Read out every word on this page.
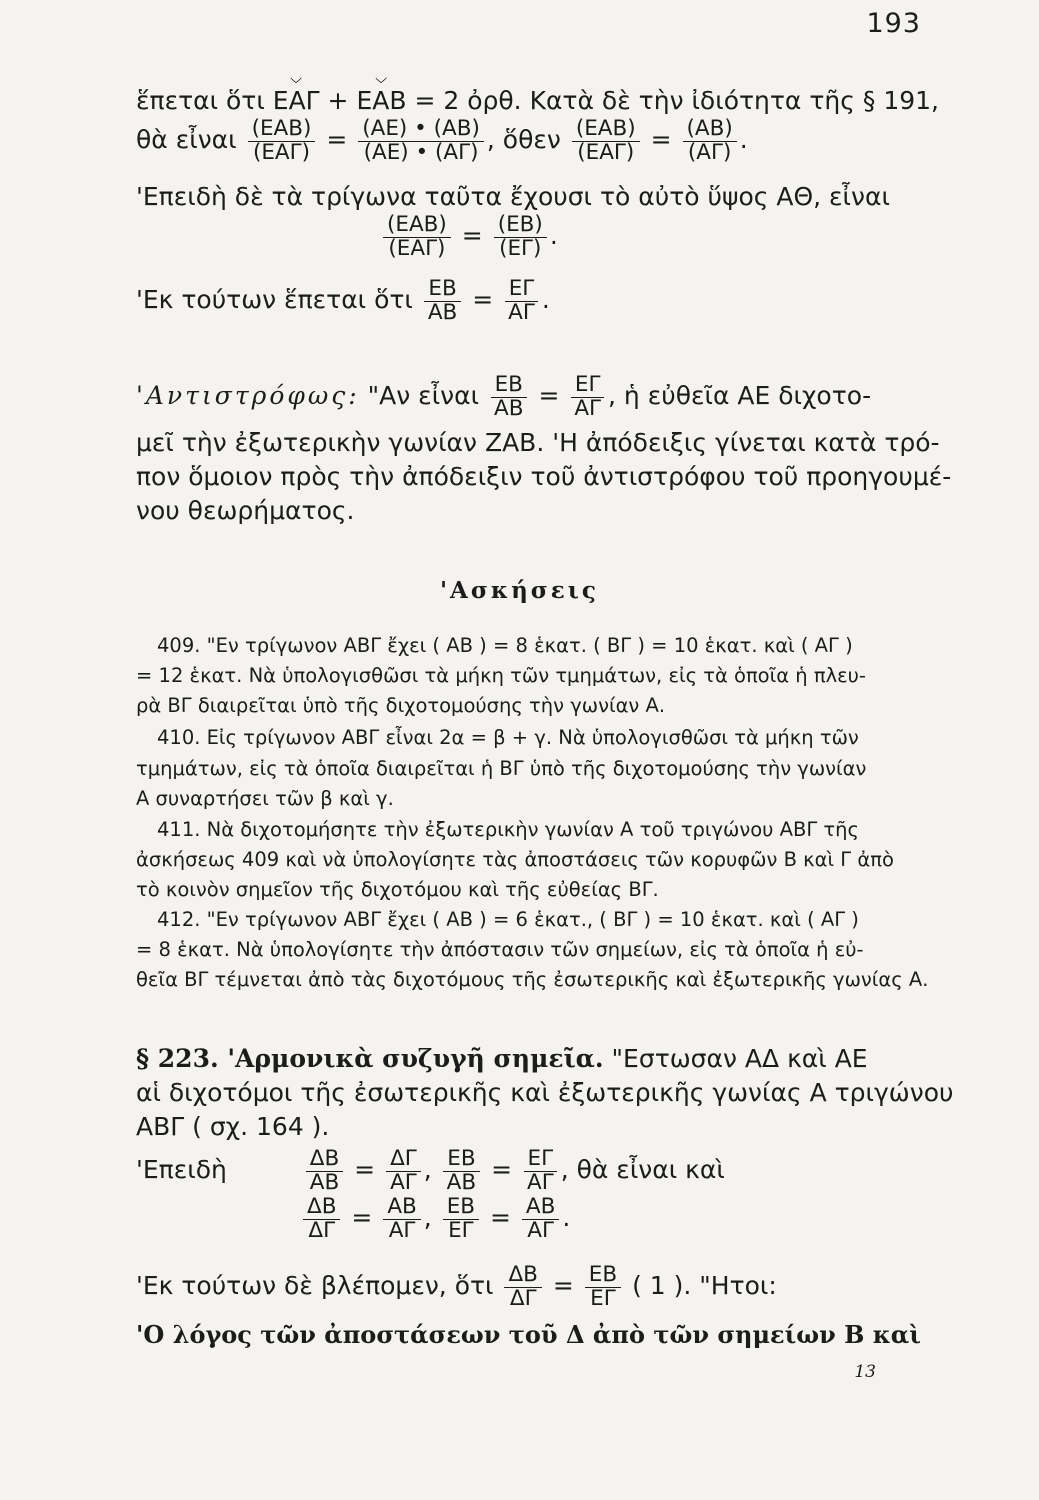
193
ἕπεται ὅτι ΕΑΓ + ΕΑΒ = 2 ὀρθ. Κατὰ δὲ τὴν ἰδιότητα τῆς § 191,
θὰ εἶναι $\frac{\text{(ΕΑΒ)}}{\text{(ΕΑΓ)}} = \frac{(AE) • (AB)}{(AE) • (A\Gamma)}$ , ὅθεν $\frac{\text{(ΕΑΒ)}}{\text{(ΕΑΓ)}} = \frac{(AB)}{(A\Gamma)}$ .
'Επειδὴ δὲ τὰ τρίγωνα ταῦτα ἔχουσι τὸ αὐτὸ ὕψος ΑΘ, εἶναι
$\frac{\text{(ΕΑΒ)}}{\text{(ΕΑΓ)}} = \frac{(EB)}{(E\Gamma)}$ .
'Εκ τούτων ἕπεται ὅτι $\frac{EB}{AB} = \frac{E\Gamma}{A\Gamma}$ .
'Αντιστρόφως: "Αν εἶναι $\frac{EB}{AB} = \frac{E\Gamma}{A\Gamma}$ , ἡ εὐθεῖα ΑΕ διχοτο-
μεῖ τὴν ἐξωτερικὴν γωνίαν ΖΑΒ. 'Η ἀπόδειξις γίνεται κατὰ τρό-
πον ὅμοιον πρὸς τὴν ἀπόδειξιν τοῦ ἀντιστρόφου τοῦ προηγουμέ-
νου θεωρήματος.
'Ασκήσεις
409. "Εν τρίγωνον ΑΒΓ ἔχει ( ΑΒ ) = 8 ἑκατ. ( ΒΓ ) = 10 ἑκατ. καὶ ( ΑΓ )
= 12 ἑκατ. Νὰ ὑπολογισθῶσι τὰ μήκη τῶν τμημάτων, εἰς τὰ ὁποῖα ἡ πλευ-
ρὰ ΒΓ διαιρεῖται ὑπὸ τῆς διχοτομούσης τὴν γωνίαν Α.
410. Εἰς τρίγωνον ΑΒΓ εἶναι 2α = β + γ. Νὰ ὑπολογισθῶσι τὰ μήκη τῶν
τμημάτων, εἰς τὰ ὁποῖα διαιρεῖται ἡ ΒΓ ὑπὸ τῆς διχοτομούσης τὴν γωνίαν
Α συναρτήσει τῶν β καὶ γ.
411. Νὰ διχοτομήσητε τὴν ἐξωτερικὴν γωνίαν Α τοῦ τριγώνου ΑΒΓ τῆς
ἀσκήσεως 409 καὶ νὰ ὑπολογίσητε τὰς ἀποστάσεις τῶν κορυφῶν Β καὶ Γ ἀπὸ
τὸ κοινὸν σημεῖον τῆς διχοτόμου καὶ τῆς εὐθείας ΒΓ.
412. "Εν τρίγωνον ΑΒΓ ἔχει ( ΑΒ ) = 6 ἑκατ., ( ΒΓ ) = 10 ἑκατ. καὶ ( ΑΓ )
= 8 ἑκατ. Νὰ ὑπολογίσητε τὴν ἀπόστασιν τῶν σημείων, εἰς τὰ ὁποῖα ἡ εὐ-
θεῖα ΒΓ τέμνεται ἀπὸ τὰς διχοτόμους τῆς ἐσωτερικῆς καὶ ἐξωτερικῆς γωνίας Α.
§ 223. 'Αρμονικὰ συζυγῆ σημεῖα. "Εστωσαν ΑΔ καὶ ΑΕ
αἱ διχοτόμοι τῆς ἐσωτερικῆς καὶ ἐξωτερικῆς γωνίας Α τριγώνου
ΑΒΓ ( σχ. 164 ).
'Επειδὴ	$\frac{\Delta B}{AB} = \frac{\Delta\Gamma}{A\Gamma}$ , $\frac{EB}{AB} = \frac{E\Gamma}{A\Gamma}$ , θὰ εἶναι καὶ
$\frac{\Delta B}{\Delta\Gamma} = \frac{AB}{A\Gamma}$ , $\frac{EB}{E\Gamma} = \frac{AB}{A\Gamma}$ .
'Εκ τούτων δὲ βλέπομεν, ὅτι $\frac{\Delta B}{\Delta\Gamma} = \frac{EB}{E\Gamma}$ ( 1 ). "Ητοι:
'Ο λόγος τῶν ἀποστάσεων τοῦ Δ ἀπὸ τῶν σημείων Β καὶ
13
